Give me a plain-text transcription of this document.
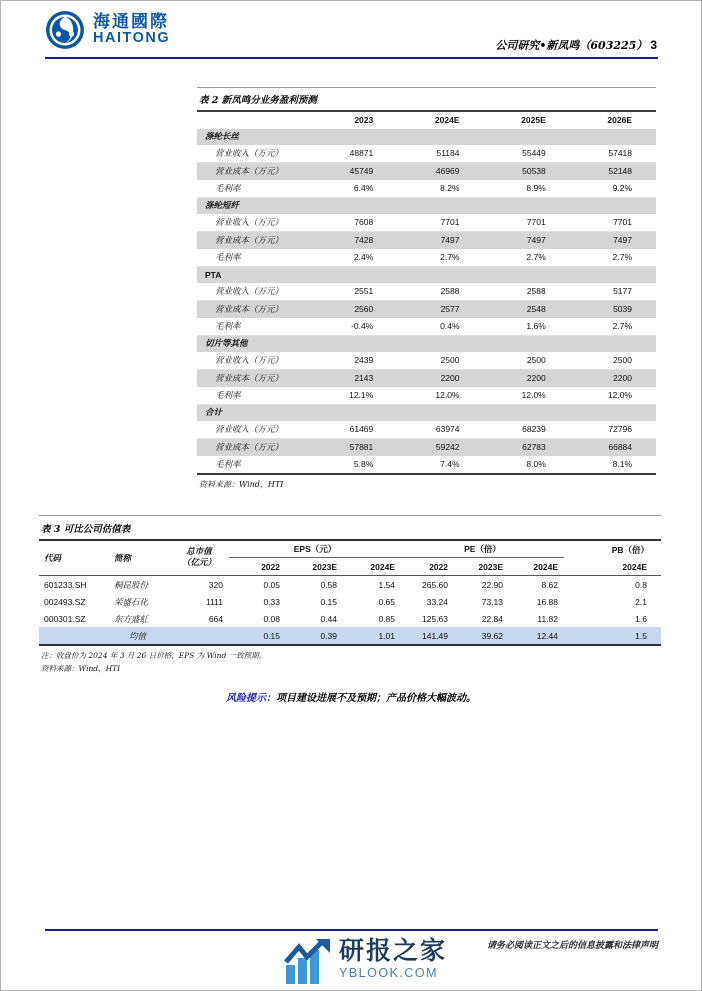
海通國際
HAITONG	公司研究•新凤鸣（603225） 3
表 2 新凤鸣分业务盈利预测
2023	2024E	2025E	2026E
涤纶长丝
营业收入（万元）	48871	51184	55449	57418
营业成本（万元）	45749	46969	50538	52148
毛利率	6.4%	8.2%	8.9%	9.2%
涤纶短纤
营业收入（万元）	7608	7701	7701	7701
营业成本（万元）	7428	7497	7497	7497
毛利率	2.4%	2.7%	2.7%	2.7%
PTA
营业收入（万元）	2551	2588	2588	5177
营业成本（万元）	2560	2577	2548	5039
毛利率	-0.4%	0.4%	1.6%	2.7%
切片等其他
营业收入（万元）	2439	2500	2500	2500
营业成本（万元）	2143	2200	2200	2200
毛利率	12.1%	12.0%	12.0%	12.0%
合计
营业收入（万元）	61469	63974	68239	72796
营业成本（万元）	57881	59242	62783	66884
毛利率	5.8%	7.4%	8.0%	8.1%
资料来源：Wind，HTI
表 3 可比公司估值表
代码	简称
总市值
（亿元）
EPS（元）	PE（倍）	PB（倍）
2022	2023E	2024E	2022	2023E	2024E	2024E
601233.SH	桐昆股份	320	0.05	0.58	1.54	265.60	22.90	8.62	0.8
002493.SZ	荣盛石化	1111	0.33	0.15	0.65	33.24	73.13	16.88	2.1
000301.SZ	东方盛虹	664	0.08	0.44	0.85	125.63	22.84	11.82	1.6
均值	0.15	0.39	1.01	141.49	39.62	12.44	1.5
注：收盘价为 2024 年 3 月 26 日价格，EPS 为 Wind 一致预期。
资料来源：Wind，HTI
风险提示：项目建设进展不及预期；产品价格大幅波动。
研报之家
YBLOOK.COM
请务必阅读正文之后的信息披露和法律声明
